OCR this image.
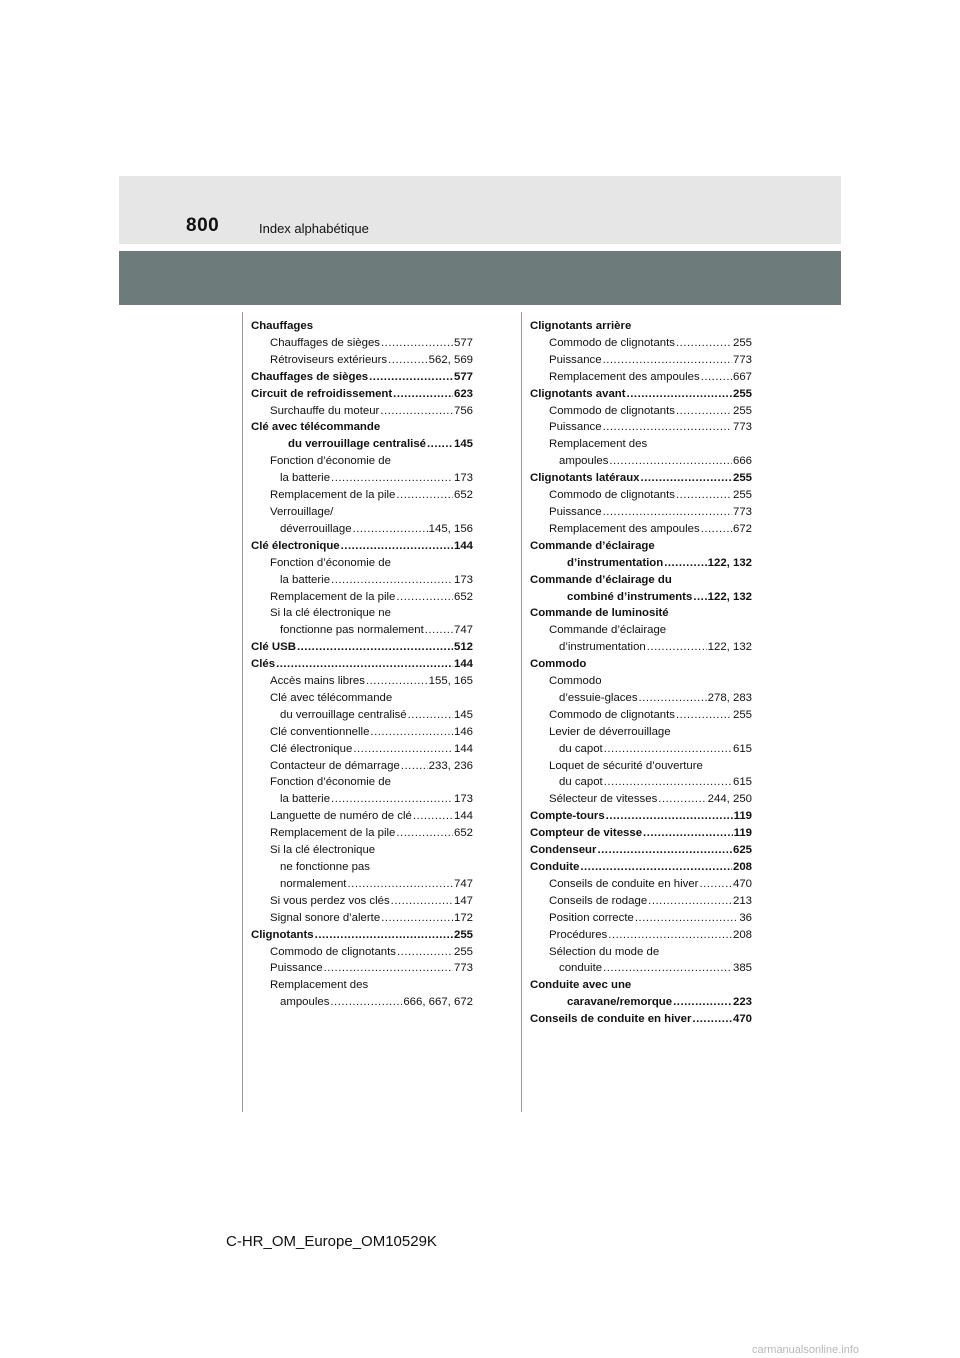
800	Index alphabétique
Chauffages
Chauffages de sièges .....	577
Rétroviseurs extérieurs .....	562, 569
Chauffages de sièges .....	577
Circuit de refroidissement .....	623
Surchauffe du moteur .....	756
Clé avec télécommande
du verrouillage centralisé ..... 145
Fonction d’économie de
la batterie .....	173
Remplacement de la pile .....	652
Verrouillage/
déverrouillage .....	145, 156
Clé électronique .....	144
Fonction d’économie de
la batterie .....	173
Remplacement de la pile .....	652
Si la clé électronique ne
fonctionne pas normalement .....	747
Clé USB .....	512
Clés .....	144
Accès mains libres .....	155, 165
Clé avec télécommande
du verrouillage centralisé .....	145
Clé conventionnelle .....	146
Clé électronique .....	144
Contacteur de démarrage .....	233, 236
Fonction d’économie de
la batterie .....	173
Languette de numéro de clé .....	144
Remplacement de la pile .....	652
Si la clé électronique
ne fonctionne pas
normalement .....	747
Si vous perdez vos clés .....	147
Signal sonore d’alerte .....	172
Clignotants .....	255
Commodo de clignotants .....	255
Puissance .....	773
Remplacement des
ampoules .....	666, 667, 672
Clignotants arrière
Commodo de clignotants .....	255
Puissance .....	773
Remplacement des ampoules .....	667
Clignotants avant .....	255
Commodo de clignotants .....	255
Puissance .....	773
Remplacement des
ampoules .....	666
Clignotants latéraux .....	255
Commodo de clignotants .....	255
Puissance .....	773
Remplacement des ampoules .....	672
Commande d’éclairage
d’instrumentation .....	122, 132
Commande d’éclairage du
combiné d’instruments ..... 122, 132
Commande de luminosité
Commande d’éclairage
d’instrumentation .....	122, 132
Commodo
Commodo
d’essuie-glaces .....	278, 283
Commodo de clignotants .....	255
Levier de déverrouillage
du capot .....	615
Loquet de sécurité d’ouverture
du capot .....	615
Sélecteur de vitesses .....	244, 250
Compte-tours .....	119
Compteur de vitesse .....	119
Condenseur .....	625
Conduite .....	208
Conseils de conduite en hiver .....	470
Conseils de rodage .....	213
Position correcte .....	36
Procédures .....	208
Sélection du mode de
conduite .....	385
Conduite avec une
caravane/remorque .....	223
Conseils de conduite en hiver .....	470
C-HR_OM_Europe_OM10529K
carmanualsonline.info
